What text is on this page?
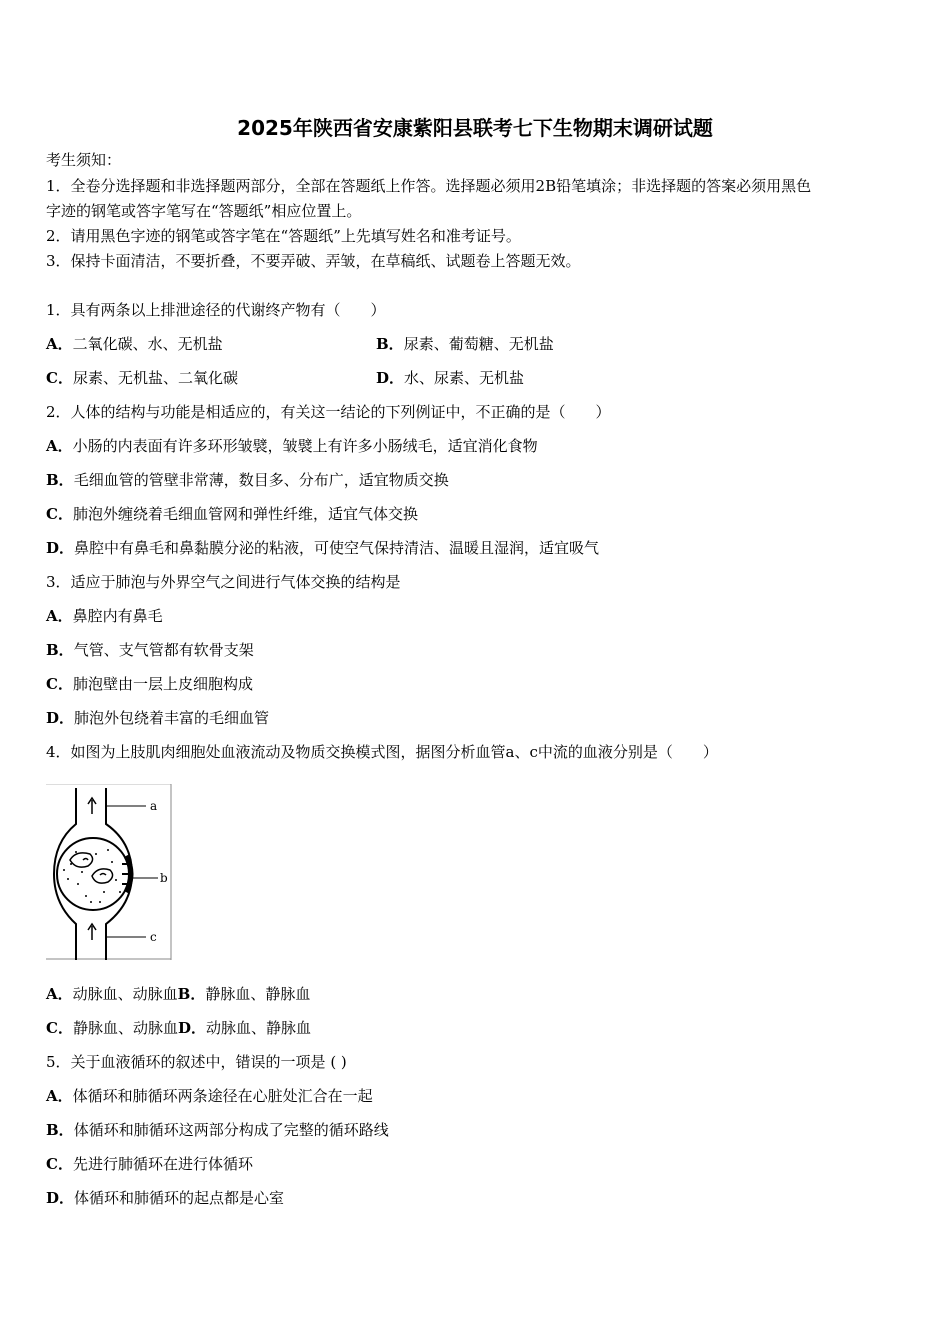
2025年陕西省安康紫阳县联考七下生物期末调研试题
考生须知：
1．全卷分选择题和非选择题两部分，全部在答题纸上作答。选择题必须用2B铅笔填涂；非选择题的答案必须用黑色
字迹的钢笔或答字笔写在“答题纸”相应位置上。
2．请用黑色字迹的钢笔或答字笔在“答题纸”上先填写姓名和准考证号。
3．保持卡面清洁，不要折叠，不要弄破、弄皱，在草稿纸、试题卷上答题无效。
1．具有两条以上排泄途径的代谢终产物有（　　）
A．二氧化碳、水、无机盐	B．尿素、葡萄糖、无机盐
C．尿素、无机盐、二氧化碳	D．水、尿素、无机盐
2．人体的结构与功能是相适应的，有关这一结论的下列例证中，不正确的是（　　）
A．小肠的内表面有许多环形皱襞，皱襞上有许多小肠绒毛，适宜消化食物
B．毛细血管的管壁非常薄，数目多、分布广，适宜物质交换
C．肺泡外缠绕着毛细血管网和弹性纤维，适宜气体交换
D．鼻腔中有鼻毛和鼻黏膜分泌的粘液，可使空气保持清洁、温暖且湿润，适宜吸气
3．适应于肺泡与外界空气之间进行气体交换的结构是
A．鼻腔内有鼻毛
B．气管、支气管都有软骨支架
C．肺泡壁由一层上皮细胞构成
D．肺泡外包绕着丰富的毛细血管
4．如图为上肢肌肉细胞处血液流动及物质交换模式图，据图分析血管a、c中流的血液分别是（　　）
a
b
c
A．动脉血、动脉血B．静脉血、静脉血
C．静脉血、动脉血D．动脉血、静脉血
5．关于血液循环的叙述中，错误的一项是 ( )
A．体循环和肺循环两条途径在心脏处汇合在一起
B．体循环和肺循环这两部分构成了完整的循环路线
C．先进行肺循环在进行体循环
D．体循环和肺循环的起点都是心室
